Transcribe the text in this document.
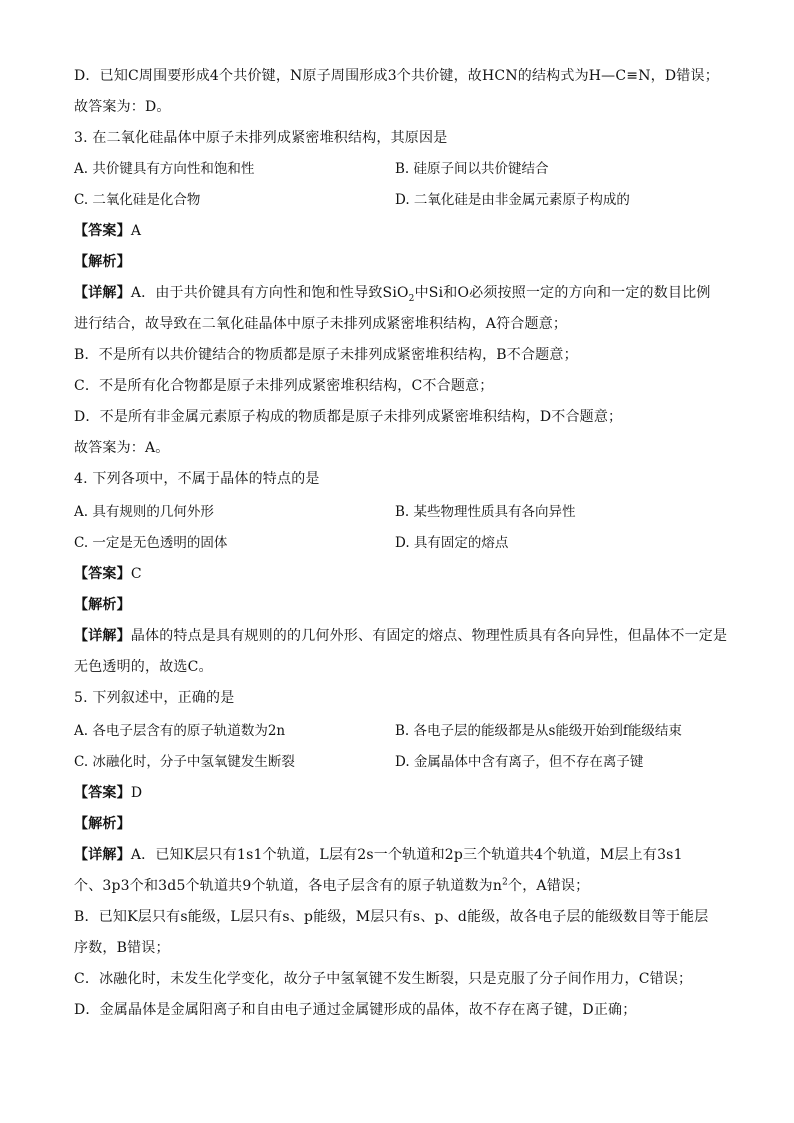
D．已知C周围要形成4个共价键，N原子周围形成3个共价键，故HCN的结构式为H—C≡N，D错误；
故答案为：D。
3. 在二氧化硅晶体中原子未排列成紧密堆积结构，其原因是
A. 共价键具有方向性和饱和性	B. 硅原子间以共价键结合
C. 二氧化硅是化合物	D. 二氧化硅是由非金属元素原子构成的
【答案】A
【解析】
【详解】A．由于共价键具有方向性和饱和性导致SiO$_2$中Si和O必须按照一定的方向和一定的数目比例
进行结合，故导致在二氧化硅晶体中原子未排列成紧密堆积结构，A符合题意；
B．不是所有以共价键结合的物质都是原子未排列成紧密堆积结构，B不合题意；
C．不是所有化合物都是原子未排列成紧密堆积结构，C不合题意；
D．不是所有非金属元素原子构成的物质都是原子未排列成紧密堆积结构，D不合题意；
故答案为：A。
4. 下列各项中，不属于晶体的特点的是
A. 具有规则的几何外形	B. 某些物理性质具有各向异性
C. 一定是无色透明的固体	D. 具有固定的熔点
【答案】C
【解析】
【详解】晶体的特点是具有规则的的几何外形、有固定的熔点、物理性质具有各向异性，但晶体不一定是
无色透明的，故选C。
5. 下列叙述中，正确的是
A. 各电子层含有的原子轨道数为2n	B. 各电子层的能级都是从s能级开始到f能级结束
C. 冰融化时，分子中氢氧键发生断裂	D. 金属晶体中含有离子，但不存在离子键
【答案】D
【解析】
【详解】A．已知K层只有1s1个轨道，L层有2s一个轨道和2p三个轨道共4个轨道，M层上有3s1
个、3p3个和3d5个轨道共9个轨道，各电子层含有的原子轨道数为$n^2$个，A错误；
B．已知K层只有s能级，L层只有s、p能级，M层只有s、p、d能级，故各电子层的能级数目等于能层
序数，B错误；
C．冰融化时，未发生化学变化，故分子中氢氧键不发生断裂，只是克服了分子间作用力，C错误；
D．金属晶体是金属阳离子和自由电子通过金属键形成的晶体，故不存在离子键，D正确；
